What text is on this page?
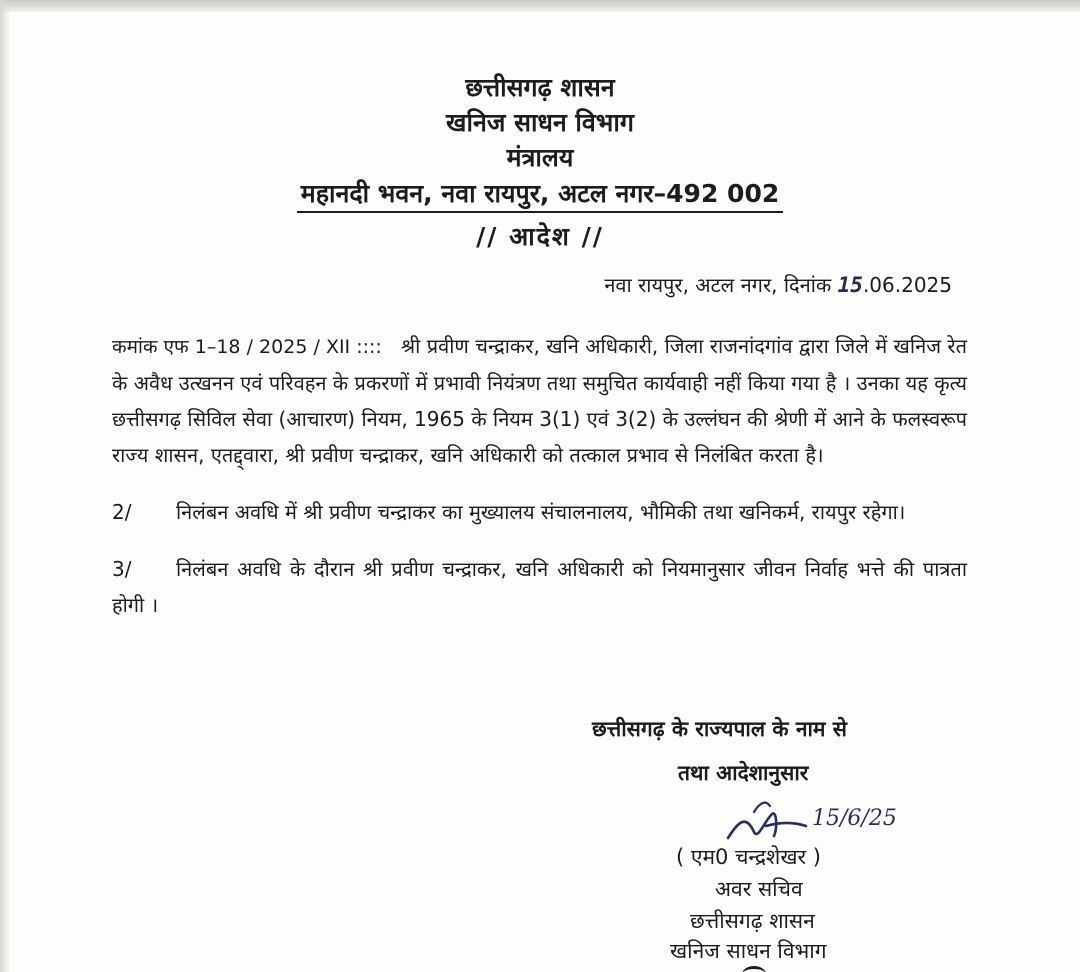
छत्तीसगढ़ शासन
खनिज साधन विभाग
मंत्रालय
महानदी भवन, नवा रायपुर, अटल नगर–492 002
// आदेश //
नवा रायपुर, अटल नगर, दिनांक 15.06.2025

कमांक एफ 1–18 / 2025 / XII :::: श्री प्रवीण चन्द्राकर, खनि अधिकारी, जिला राजनांदगांव द्वारा जिले में खनिज रेत के अवैध उत्खनन एवं परिवहन के प्रकरणों में प्रभावी नियंत्रण तथा समुचित कार्यवाही नहीं किया गया है । उनका यह कृत्य छत्तीसगढ़ सिविल सेवा (आचारण) नियम, 1965 के नियम 3(1) एवं 3(2) के उल्लंघन की श्रेणी में आने के फलस्वरूप राज्य शासन, एतद्द्वारा, श्री प्रवीण चन्द्राकर, खनि अधिकारी को तत्काल प्रभाव से निलंबित करता है।

2/ निलंबन अवधि में श्री प्रवीण चन्द्राकर का मुख्यालय संचालनालय, भौमिकी तथा खनिकर्म, रायपुर रहेगा।

3/ निलंबन अवधि के दौरान श्री प्रवीण चन्द्राकर, खनि अधिकारी को नियमानुसार जीवन निर्वाह भत्ते की पात्रता होगी ।

छत्तीसगढ़ के राज्यपाल के नाम से
तथा आदेशानुसार
15/6/25
( एम0 चन्द्रशेखर )
अवर सचिव
छत्तीसगढ़ शासन
खनिज साधन विभाग
